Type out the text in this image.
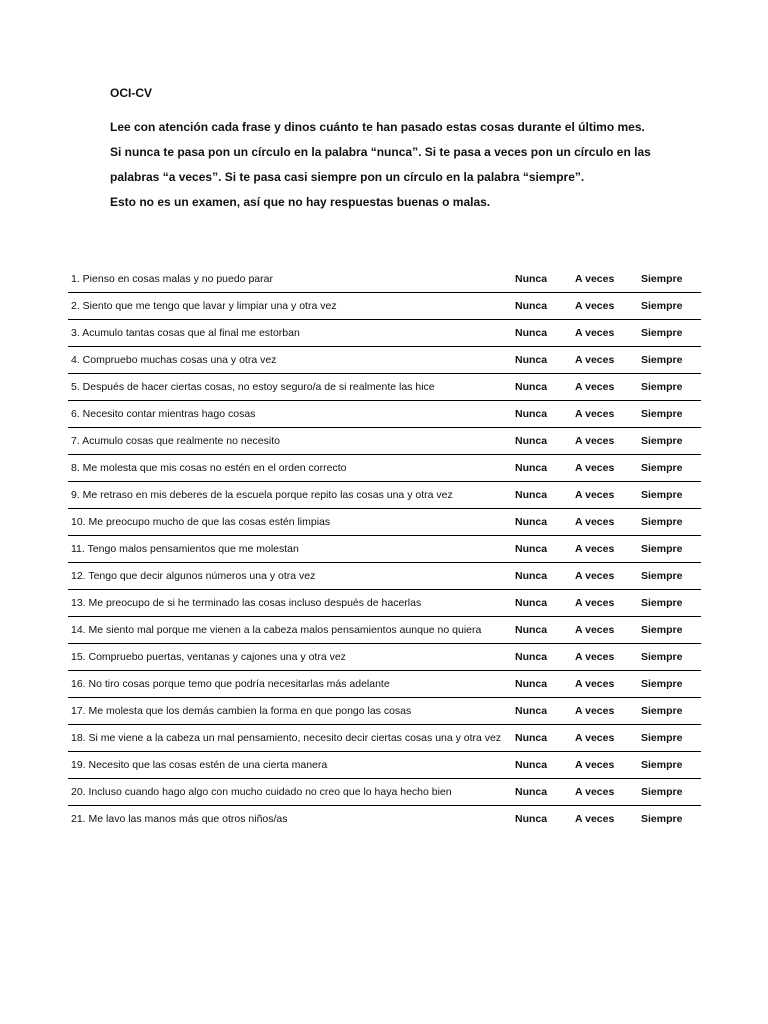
OCI-CV

Lee con atención cada frase y dinos cuánto te han pasado estas cosas durante el último mes.

Si nunca te pasa pon un círculo en la palabra “nunca”. Si te pasa a veces pon un círculo en las palabras “a veces”. Si te pasa casi siempre pon un círculo en la palabra “siempre”.

Esto no es un examen, así que no hay respuestas buenas o malas.

1. Pienso en cosas malas y no puedo parar	Nunca	A veces	Siempre
2. Siento que me tengo que lavar y limpiar una y otra vez	Nunca	A veces	Siempre
3. Acumulo tantas cosas que al final me estorban	Nunca	A veces	Siempre
4. Compruebo muchas cosas una y otra vez	Nunca	A veces	Siempre
5. Después de hacer ciertas cosas, no estoy seguro/a de si realmente las hice	Nunca	A veces	Siempre
6. Necesito contar mientras hago cosas	Nunca	A veces	Siempre
7. Acumulo cosas que realmente no necesito	Nunca	A veces	Siempre
8. Me molesta que mis cosas no estén en el orden correcto	Nunca	A veces	Siempre
9. Me retraso en mis deberes de la escuela porque repito las cosas una y otra vez	Nunca	A veces	Siempre
10. Me preocupo mucho de que las cosas estén limpias	Nunca	A veces	Siempre
11. Tengo malos pensamientos que me molestan	Nunca	A veces	Siempre
12. Tengo que decir algunos números una y otra vez	Nunca	A veces	Siempre
13. Me preocupo de si he terminado las cosas incluso después de hacerlas	Nunca	A veces	Siempre
14. Me siento mal porque me vienen a la cabeza malos pensamientos aunque no quiera	Nunca	A veces	Siempre
15. Compruebo puertas, ventanas y cajones una y otra vez	Nunca	A veces	Siempre
16. No tiro cosas porque temo que podría necesitarlas más adelante	Nunca	A veces	Siempre
17. Me molesta que los demás cambien la forma en que pongo las cosas	Nunca	A veces	Siempre
18. Si me viene a la cabeza un mal pensamiento, necesito decir ciertas cosas una y otra vez	Nunca	A veces	Siempre
19. Necesito que las cosas estén de una cierta manera	Nunca	A veces	Siempre
20. Incluso cuando hago algo con mucho cuidado no creo que lo haya hecho bien	Nunca	A veces	Siempre
21. Me lavo las manos más que otros niños/as	Nunca	A veces	Siempre
